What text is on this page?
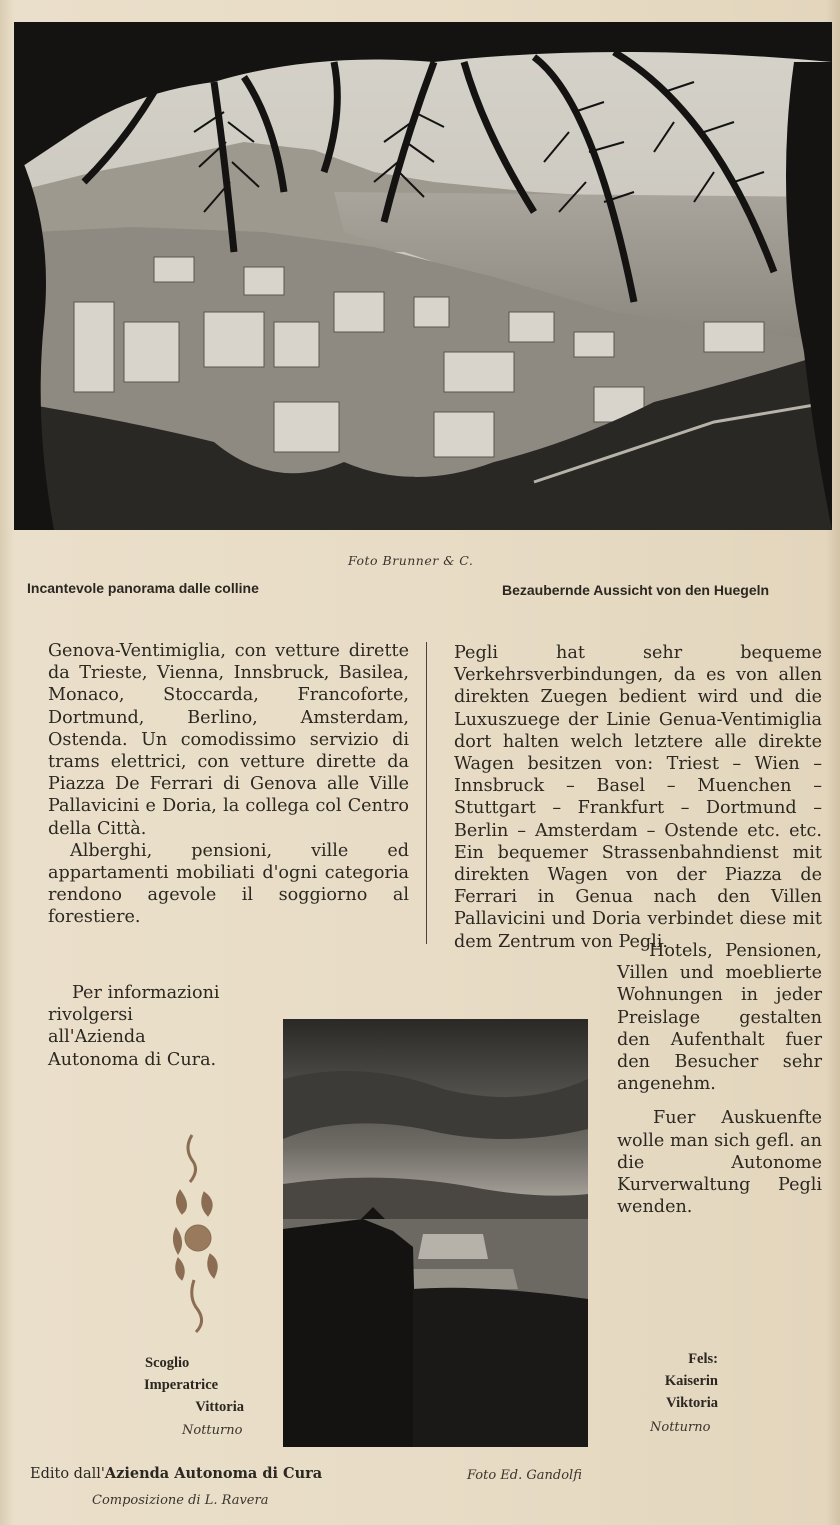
Foto Brunner & C.
Incantevole panorama dalle colline	Bezaubernde Aussicht von den Huegeln

Genova-Ventimiglia, con vetture dirette da Trieste, Vienna, Innsbruck, Basilea, Monaco, Stoccarda, Francoforte, Dortmund, Berlino, Amsterdam, Ostenda. Un comodissimo servizio di trams elettrici, con vetture dirette da Piazza De Ferrari di Genova alle Ville Pallavicini e Doria, la collega col Centro della Città.

Alberghi, pensioni, ville ed appartamenti mobiliati d'ogni categoria rendono agevole il soggiorno al forestiere.

Pegli hat sehr bequeme Verkehrsverbindungen, da es von allen direkten Zuegen bedient wird und die Luxuszuege der Linie Genua-Ventimiglia dort halten welch letztere alle direkte Wagen besitzen von: Triest – Wien – Innsbruck – Basel – Muenchen – Stuttgart – Frankfurt – Dortmund – Berlin – Amsterdam – Ostende etc. etc. Ein bequemer Strassenbahndienst mit direkten Wagen von der Piazza de Ferrari in Genua nach den Villen Pallavicini und Doria verbindet diese mit dem Zentrum von Pegli.

Hotels, Pensionen, Villen und moeblierte Wohnungen in jeder Preislage gestalten den Aufenthalt fuer den Besucher sehr angenehm.

Fuer Auskuenfte wolle man sich gefl. an die Autonome Kurverwaltung Pegli wenden.

Per informazioni rivolgersi all'Azienda Autonoma di Cura.

Scoglio
Imperatrice
Vittoria
Notturno
Fels:
Kaiserin
Viktoria
Notturno
Edito dall'Azienda Autonoma di Cura	Foto Ed. Gandolfi
Composizione di L. Ravera
